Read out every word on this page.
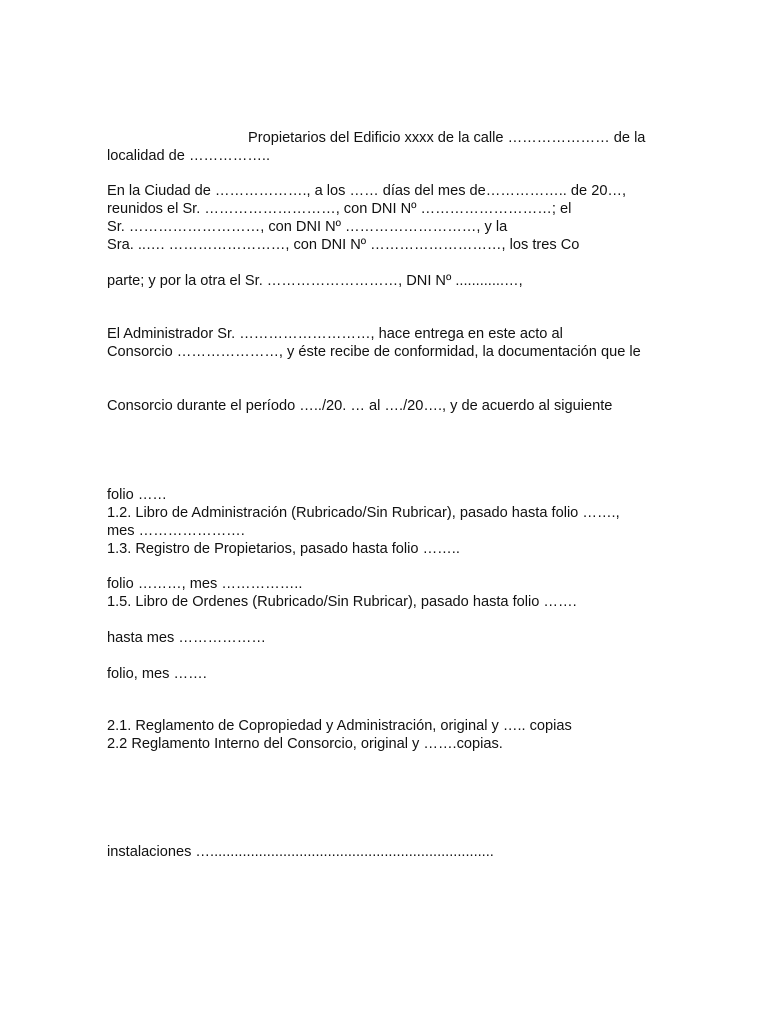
Propietarios del Edificio xxxx de la calle ………………… de la
localidad de ……………..
En la Ciudad de ………………., a los …… días del mes de…………….. de 20…,
reunidos el Sr. ………………………, con DNI Nº ………………………; el
Sr. ………………………, con DNI Nº ………………………, y la
Sra. ..…. ……………………, con DNI Nº ………………………, los tres Co
parte; y por la otra el Sr. ………………………, DNI Nº ............…,
El Administrador Sr. ………………………, hace entrega en este acto al
Consorcio …………………, y éste recibe de conformidad, la documentación que le
Consorcio durante el período …../20. … al …./20…., y de acuerdo al siguiente
folio ……
1.2. Libro de Administración (Rubricado/Sin Rubricar), pasado hasta folio …….,
mes ………………….
1.3. Registro de Propietarios, pasado hasta folio ……..
folio ………, mes ……………..
1.5. Libro de Ordenes (Rubricado/Sin Rubricar), pasado hasta folio …….
hasta mes ………………
folio, mes …….
2.1. Reglamento de Copropiedad y Administración, original y ….. copias
2.2 Reglamento Interno del Consorcio, original y …….copias.
instalaciones …......................................................................
